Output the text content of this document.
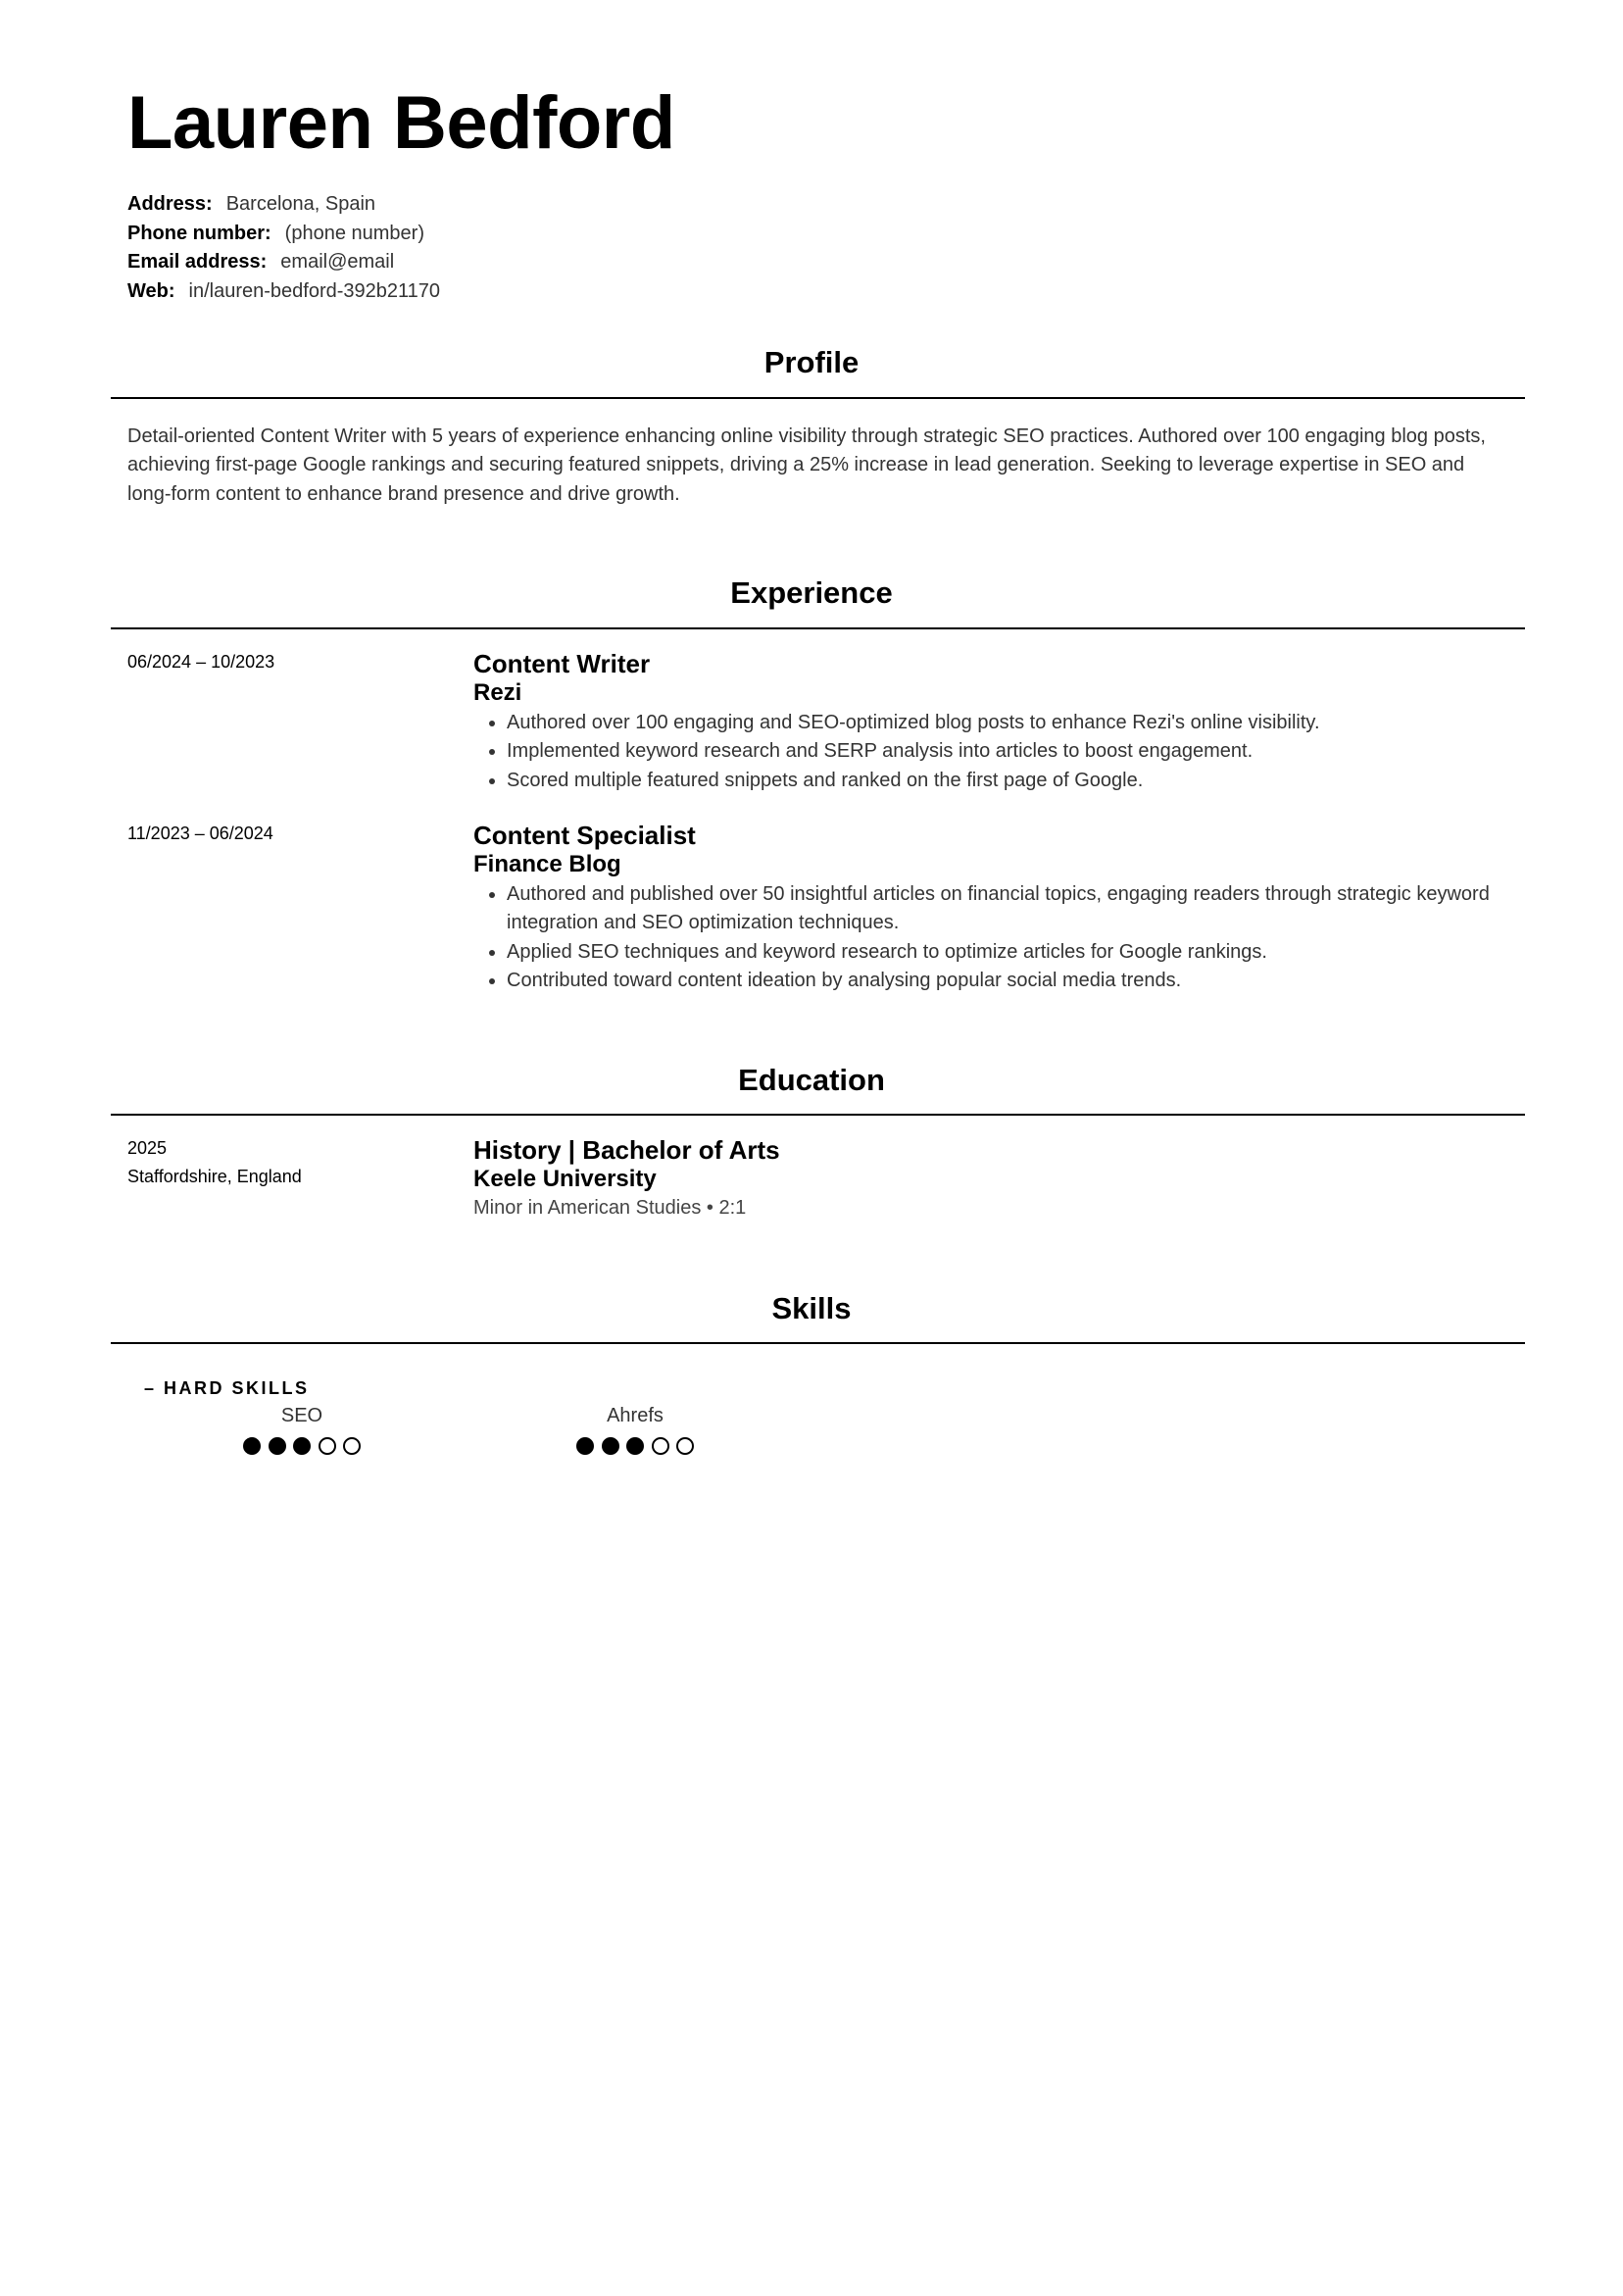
Lauren Bedford
Address: Barcelona, Spain
Phone number: (phone number)
Email address: email@email
Web: in/lauren-bedford-392b21170
Profile

Detail-oriented Content Writer with 5 years of experience enhancing online visibility through strategic SEO practices. Authored over 100 engaging blog posts, achieving first-page Google rankings and securing featured snippets, driving a 25% increase in lead generation. Seeking to leverage expertise in SEO and long-form content to enhance brand presence and drive growth.

Experience
06/2024 – 10/2023	Content Writer
Rezi
• Authored over 100 engaging and SEO-optimized blog posts to enhance Rezi's online visibility.
• Implemented keyword research and SERP analysis into articles to boost engagement.
• Scored multiple featured snippets and ranked on the first page of Google.
11/2023 – 06/2024	Content Specialist
Finance Blog
• Authored and published over 50 insightful articles on financial topics, engaging readers through strategic keyword integration and SEO optimization techniques.
• Applied SEO techniques and keyword research to optimize articles for Google rankings.
• Contributed toward content ideation by analysing popular social media trends.
Education
2025
Staffordshire, England
History | Bachelor of Arts
Keele University
Minor in American Studies • 2:1
Skills
– HARD SKILLS
SEO	Ahrefs
